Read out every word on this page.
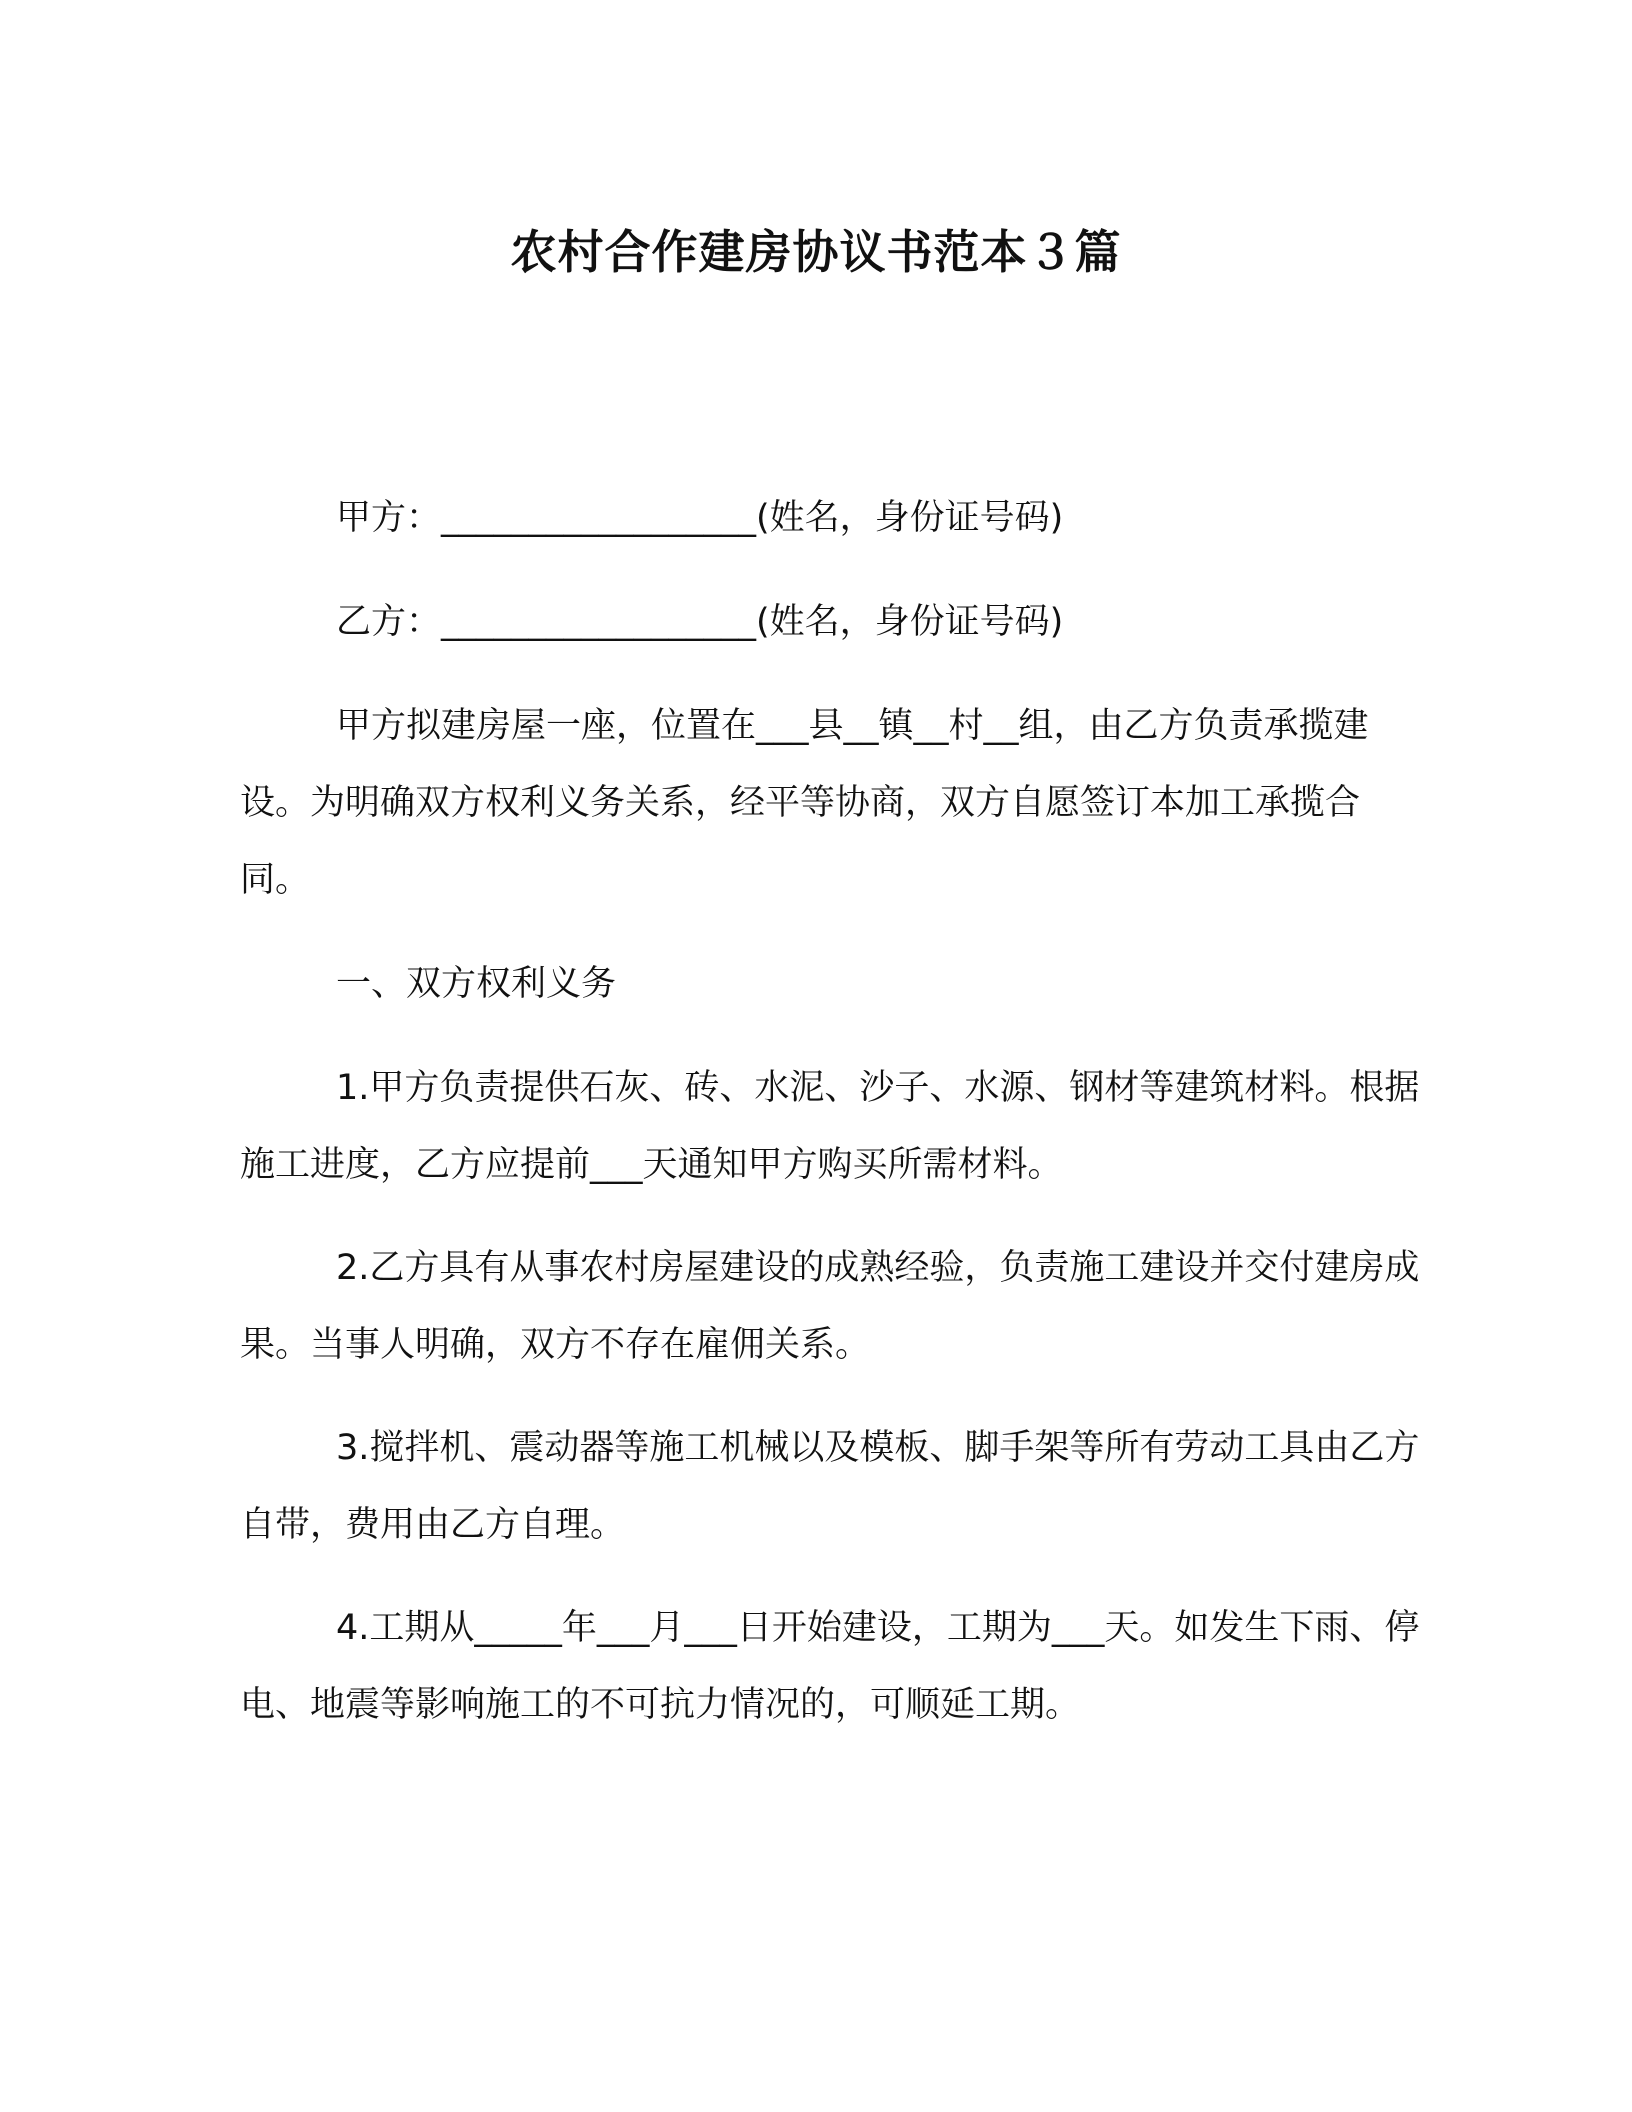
农村合作建房协议书范本３篇

甲方：__________________(姓名，身份证号码)

乙方：__________________(姓名，身份证号码)

甲方拟建房屋一座，位置在___县__镇__村__组，由乙方负责承揽建设。为明确双方权利义务关系，经平等协商，双方自愿签订本加工承揽合同。

一、双方权利义务

1.甲方负责提供石灰、砖、水泥、沙子、水源、钢材等建筑材料。根据施工进度，乙方应提前___天通知甲方购买所需材料。

2.乙方具有从事农村房屋建设的成熟经验，负责施工建设并交付建房成果。当事人明确，双方不存在雇佣关系。

3.搅拌机、震动器等施工机械以及模板、脚手架等所有劳动工具由乙方自带，费用由乙方自理。

4.工期从_____年___月___日开始建设，工期为___天。如发生下雨、停电、地震等影响施工的不可抗力情况的，可顺延工期。
